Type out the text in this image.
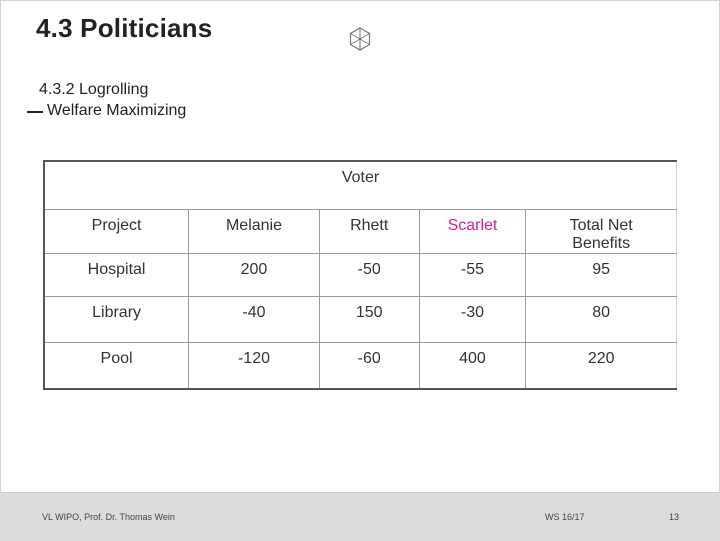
4.3 Politicians
4.3.2 Logrolling
Welfare Maximizing
Voter				
Project	Melanie	Rhett	Scarlet	Total Net
Benefits

Hospital	200	-50	-55	95
Library	-40	150	-30	80
Pool	-120	-60	400	220
VL WIPO, Prof. Dr. Thomas Wein	WS 16/17	13
